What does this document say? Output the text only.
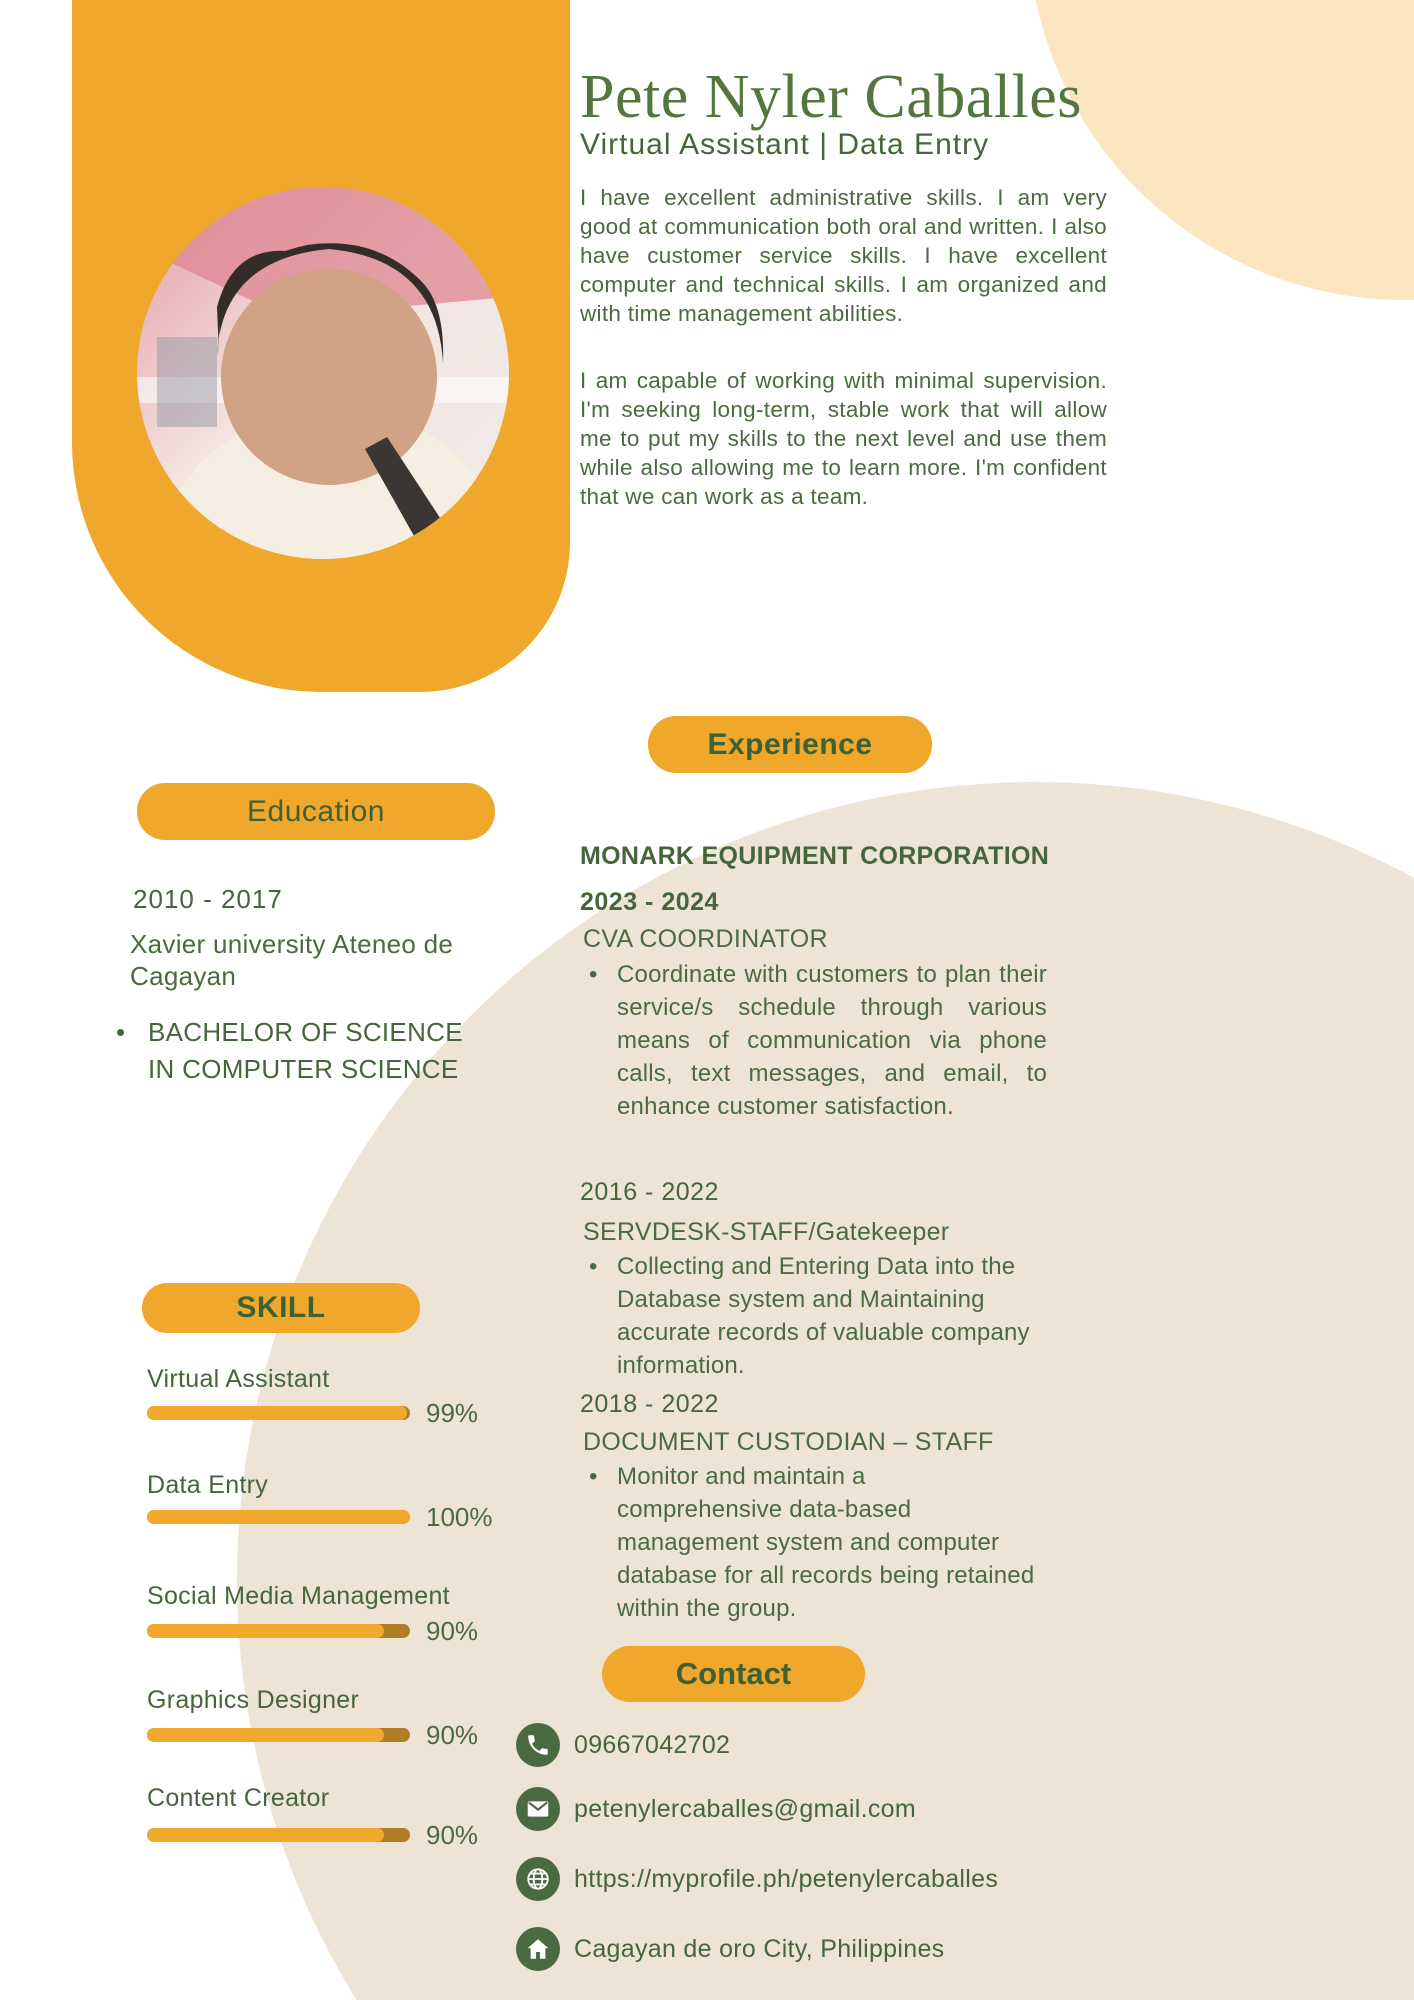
Pete Nyler Caballes
Virtual Assistant | Data Entry
I have excellent administrative skills. I am very good at communication both oral and written. I also have customer service skills. I have excellent computer and technical skills. I am organized and with time management abilities.
I am capable of working with minimal supervision. I'm seeking long-term, stable work that will allow me to put my skills to the next level and use them while also allowing me to learn more. I'm confident that we can work as a team.
Experience
MONARK EQUIPMENT CORPORATION
2023 - 2024
CVA COORDINATOR

• Coordinate with customers to plan their service/s schedule through various means of communication via phone calls, text messages, and email, to enhance customer satisfaction.

2016 - 2022
SERVDESK-STAFF/Gatekeeper

• Collecting and Entering Data into the Database system and Maintaining accurate records of valuable company information.

2018 - 2022
DOCUMENT CUSTODIAN – STAFF

• Monitor and maintain a comprehensive data-based management system and computer database for all records being retained within the group.

Education
2010 - 2017
Xavier university Ateneo de Cagayan

• BACHELOR OF SCIENCE IN COMPUTER SCIENCE

SKILL
Virtual Assistant
99%
Data Entry
100%
Social Media Management
90%
Graphics Designer
90%
Content Creator
90%
Contact
09667042702
petenylercaballes@gmail.com
https://myprofile.ph/petenylercaballes
Cagayan de oro City, Philippines
